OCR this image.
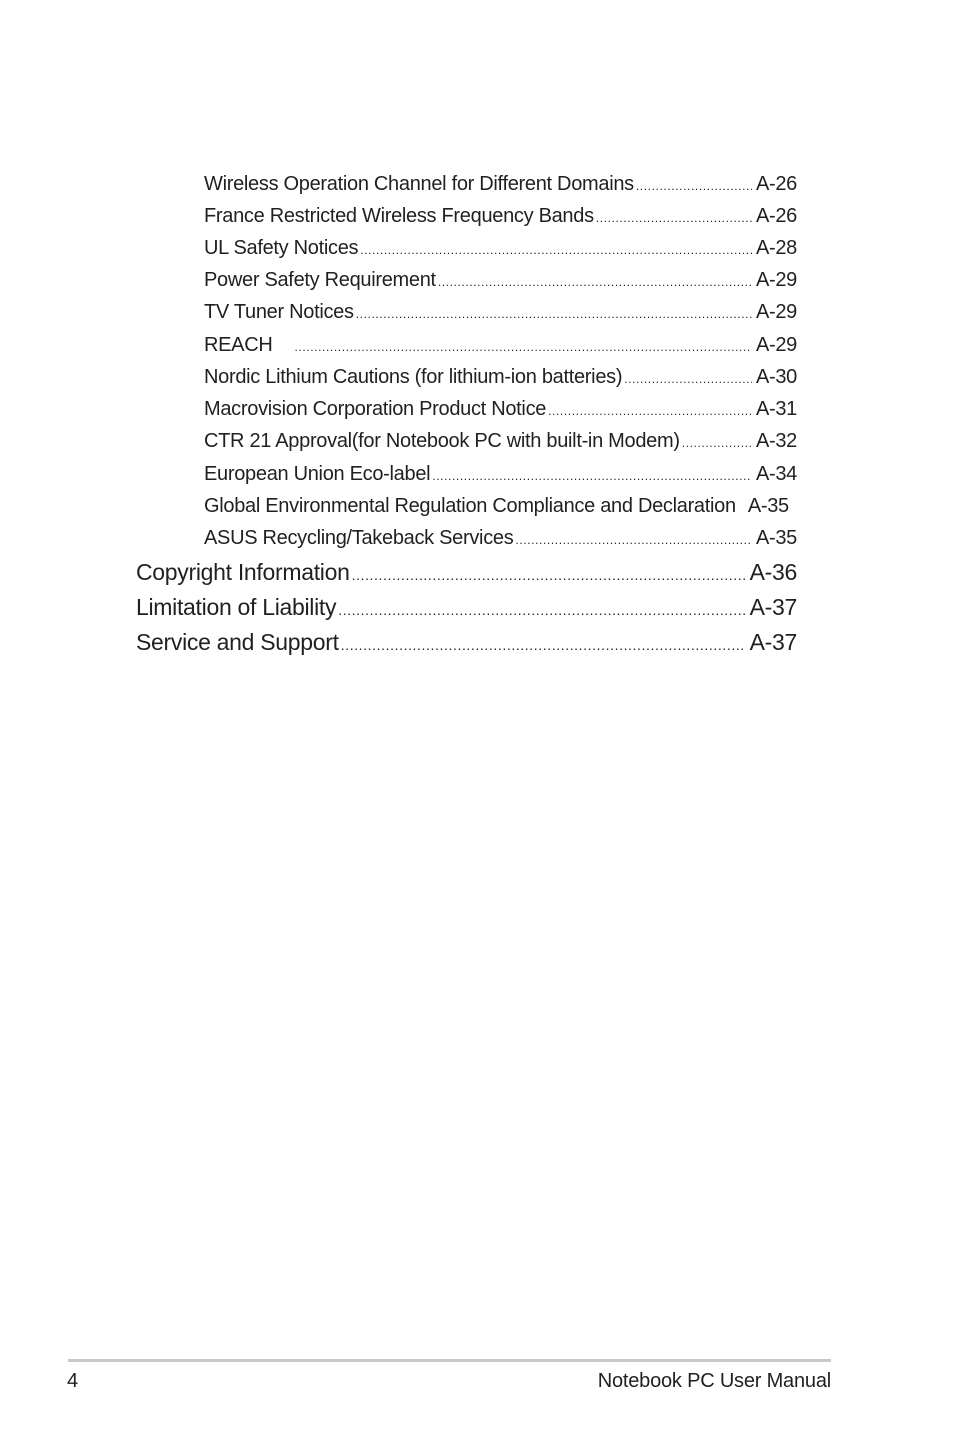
Wireless Operation Channel for Different Domains .....	A-26
France Restricted Wireless Frequency Bands .....	A-26
UL Safety Notices .....	A-28
Power Safety Requirement .....	A-29
TV Tuner Notices .....	A-29
REACH .....	A-29
Nordic Lithium Cautions (for lithium-ion batteries) .....	A-30
Macrovision Corporation Product Notice .....	A-31
CTR 21 Approval(for Notebook PC with built-in Modem) .....	A-32
European Union Eco-label .....	A-34
Global Environmental Regulation Compliance and Declaration A-35
ASUS Recycling/Takeback Services .....	A-35
Copyright Information .....	A-36
Limitation of Liability .....	A-37
Service and Support .....	A-37
4	Notebook PC User Manual
